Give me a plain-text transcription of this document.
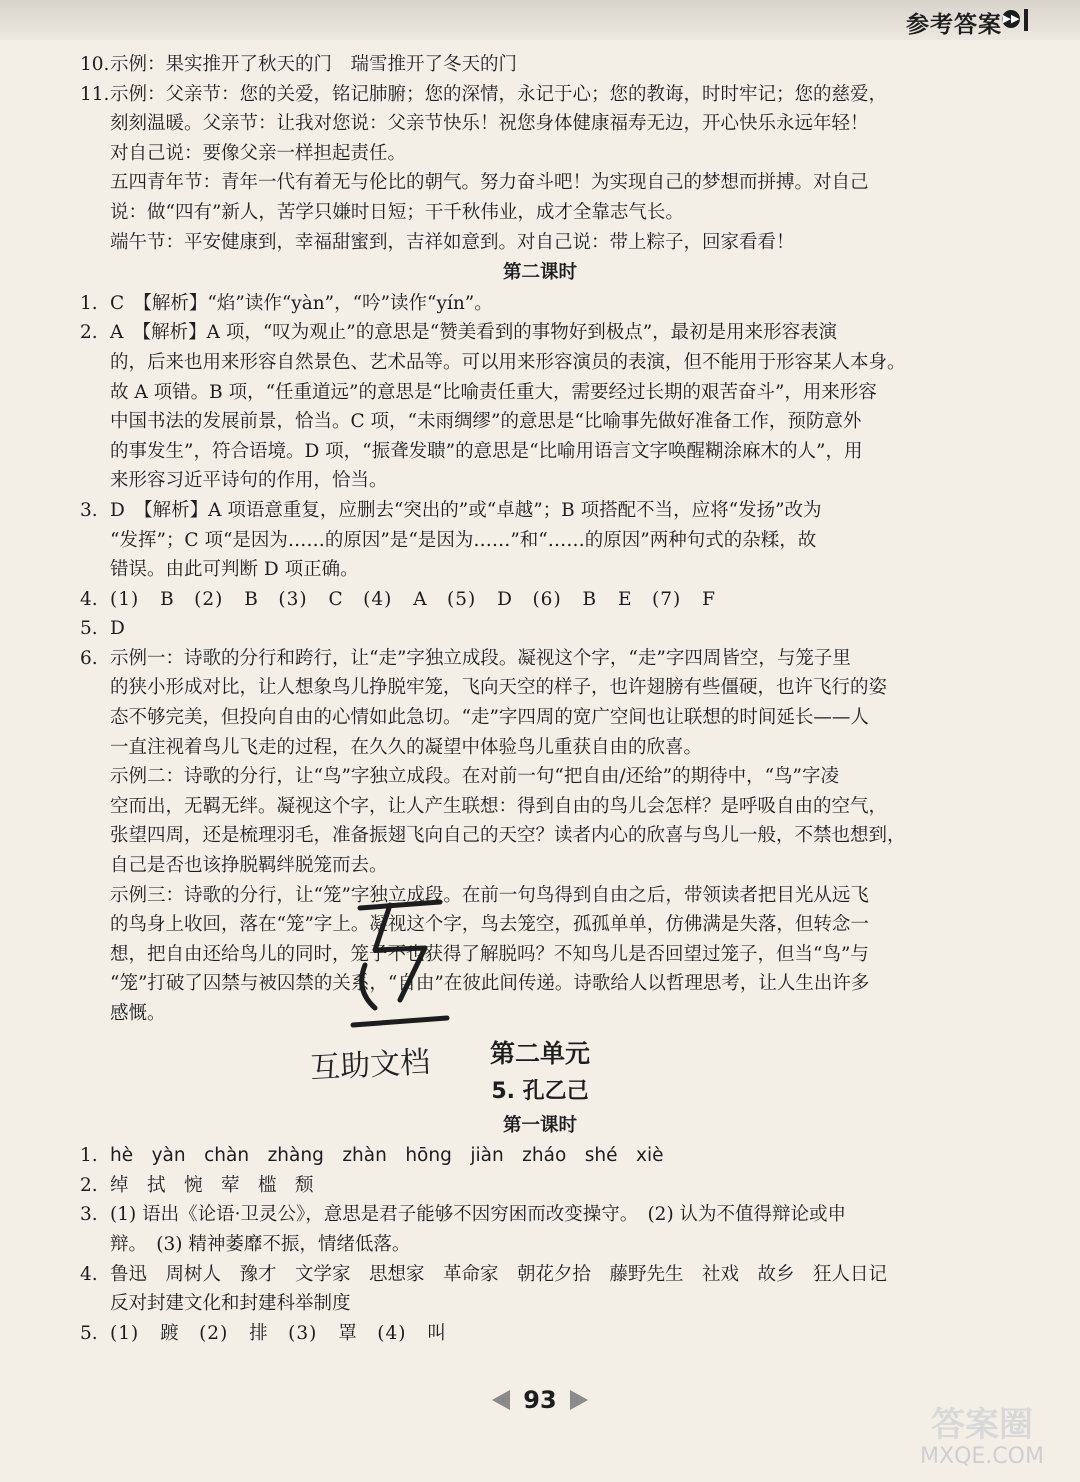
参考答案 ▶▶
10. 示例：果实推开了秋天的门　瑞雪推开了冬天的门
11. 示例：父亲节：您的关爱，铭记肺腑；您的深情，永记于心；您的教诲，时时牢记；您的慈爱，
刻刻温暖。父亲节：让我对您说：父亲节快乐！祝您身体健康福寿无边，开心快乐永远年轻！
对自己说：要像父亲一样担起责任。
五四青年节：青年一代有着无与伦比的朝气。努力奋斗吧！为实现自己的梦想而拼搏。对自己
说：做“四有”新人，苦学只嫌时日短；干千秋伟业，成才全靠志气长。
端午节：平安健康到，幸福甜蜜到，吉祥如意到。对自己说：带上粽子，回家看看！
第二课时
1. C　【解析】“焰”读作“yàn”，“吟”读作“yín”。
2. A　【解析】A 项，“叹为观止”的意思是“赞美看到的事物好到极点”，最初是用来形容表演
的，后来也用来形容自然景色、艺术品等。可以用来形容演员的表演，但不能用于形容某人本身。
故 A 项错。B 项，“任重道远”的意思是“比喻责任重大，需要经过长期的艰苦奋斗”，用来形容
中国书法的发展前景，恰当。C 项，“未雨绸缪”的意思是“比喻事先做好准备工作，预防意外
的事发生”，符合语境。D 项，“振聋发聩”的意思是“比喻用语言文字唤醒糊涂麻木的人”，用
来形容习近平诗句的作用，恰当。
3. D　【解析】A 项语意重复，应删去“突出的”或“卓越”；B 项搭配不当，应将“发扬”改为
“发挥”；C 项“是因为……的原因”是“是因为……”和“……的原因”两种句式的杂糅，故
错误。由此可判断 D 项正确。
4. (1) B　(2) B　(3) C　(4) A　(5) D　(6) B E　(7) F
5. D
6. 示例一：诗歌的分行和跨行，让“走”字独立成段。凝视这个字，“走”字四周皆空，与笼子里
的狭小形成对比，让人想象鸟儿挣脱牢笼，飞向天空的样子，也许翅膀有些僵硬，也许飞行的姿
态不够完美，但投向自由的心情如此急切。“走”字四周的宽广空间也让联想的时间延长——人
一直注视着鸟儿飞走的过程，在久久的凝望中体验鸟儿重获自由的欣喜。
示例二：诗歌的分行，让“鸟”字独立成段。在对前一句“把自由/还给”的期待中，“鸟”字凌
空而出，无羁无绊。凝视这个字，让人产生联想：得到自由的鸟儿会怎样？是呼吸自由的空气，
张望四周，还是梳理羽毛，准备振翅飞向自己的天空？读者内心的欣喜与鸟儿一般，不禁也想到，
自己是否也该挣脱羁绊脱笼而去。
示例三：诗歌的分行，让“笼”字独立成段。在前一句鸟得到自由之后，带领读者把目光从远飞
的鸟身上收回，落在“笼”字上。凝视这个字，鸟去笼空，孤孤单单，仿佛满是失落，但转念一
想，把自由还给鸟儿的同时，笼子不也获得了解脱吗？不知鸟儿是否回望过笼子，但当“鸟”与
“笼”打破了囚禁与被囚禁的关系，“自由”在彼此间传递。诗歌给人以哲理思考，让人生出许多
感慨。
第二单元
5. 孔乙己
第一课时
1. hè　yàn　chàn　zhàng　zhàn　hōng　jiàn　zháo　shé　xiè
2. 绰　拭　惋　荤　槛　颓
3. (1) 语出《论语·卫灵公》，意思是君子能够不因穷困而改变操守。　(2) 认为不值得辩论或申
辩。　(3) 精神萎靡不振，情绪低落。
4. 鲁迅　周树人　豫才　文学家　思想家　革命家　朝花夕拾　藤野先生　社戏　故乡　狂人日记
反对封建文化和封建科举制度
5. (1) 踱　(2) 排　(3) 罩　(4) 叫
互助文档
93
答案圈
MXQE.COM
